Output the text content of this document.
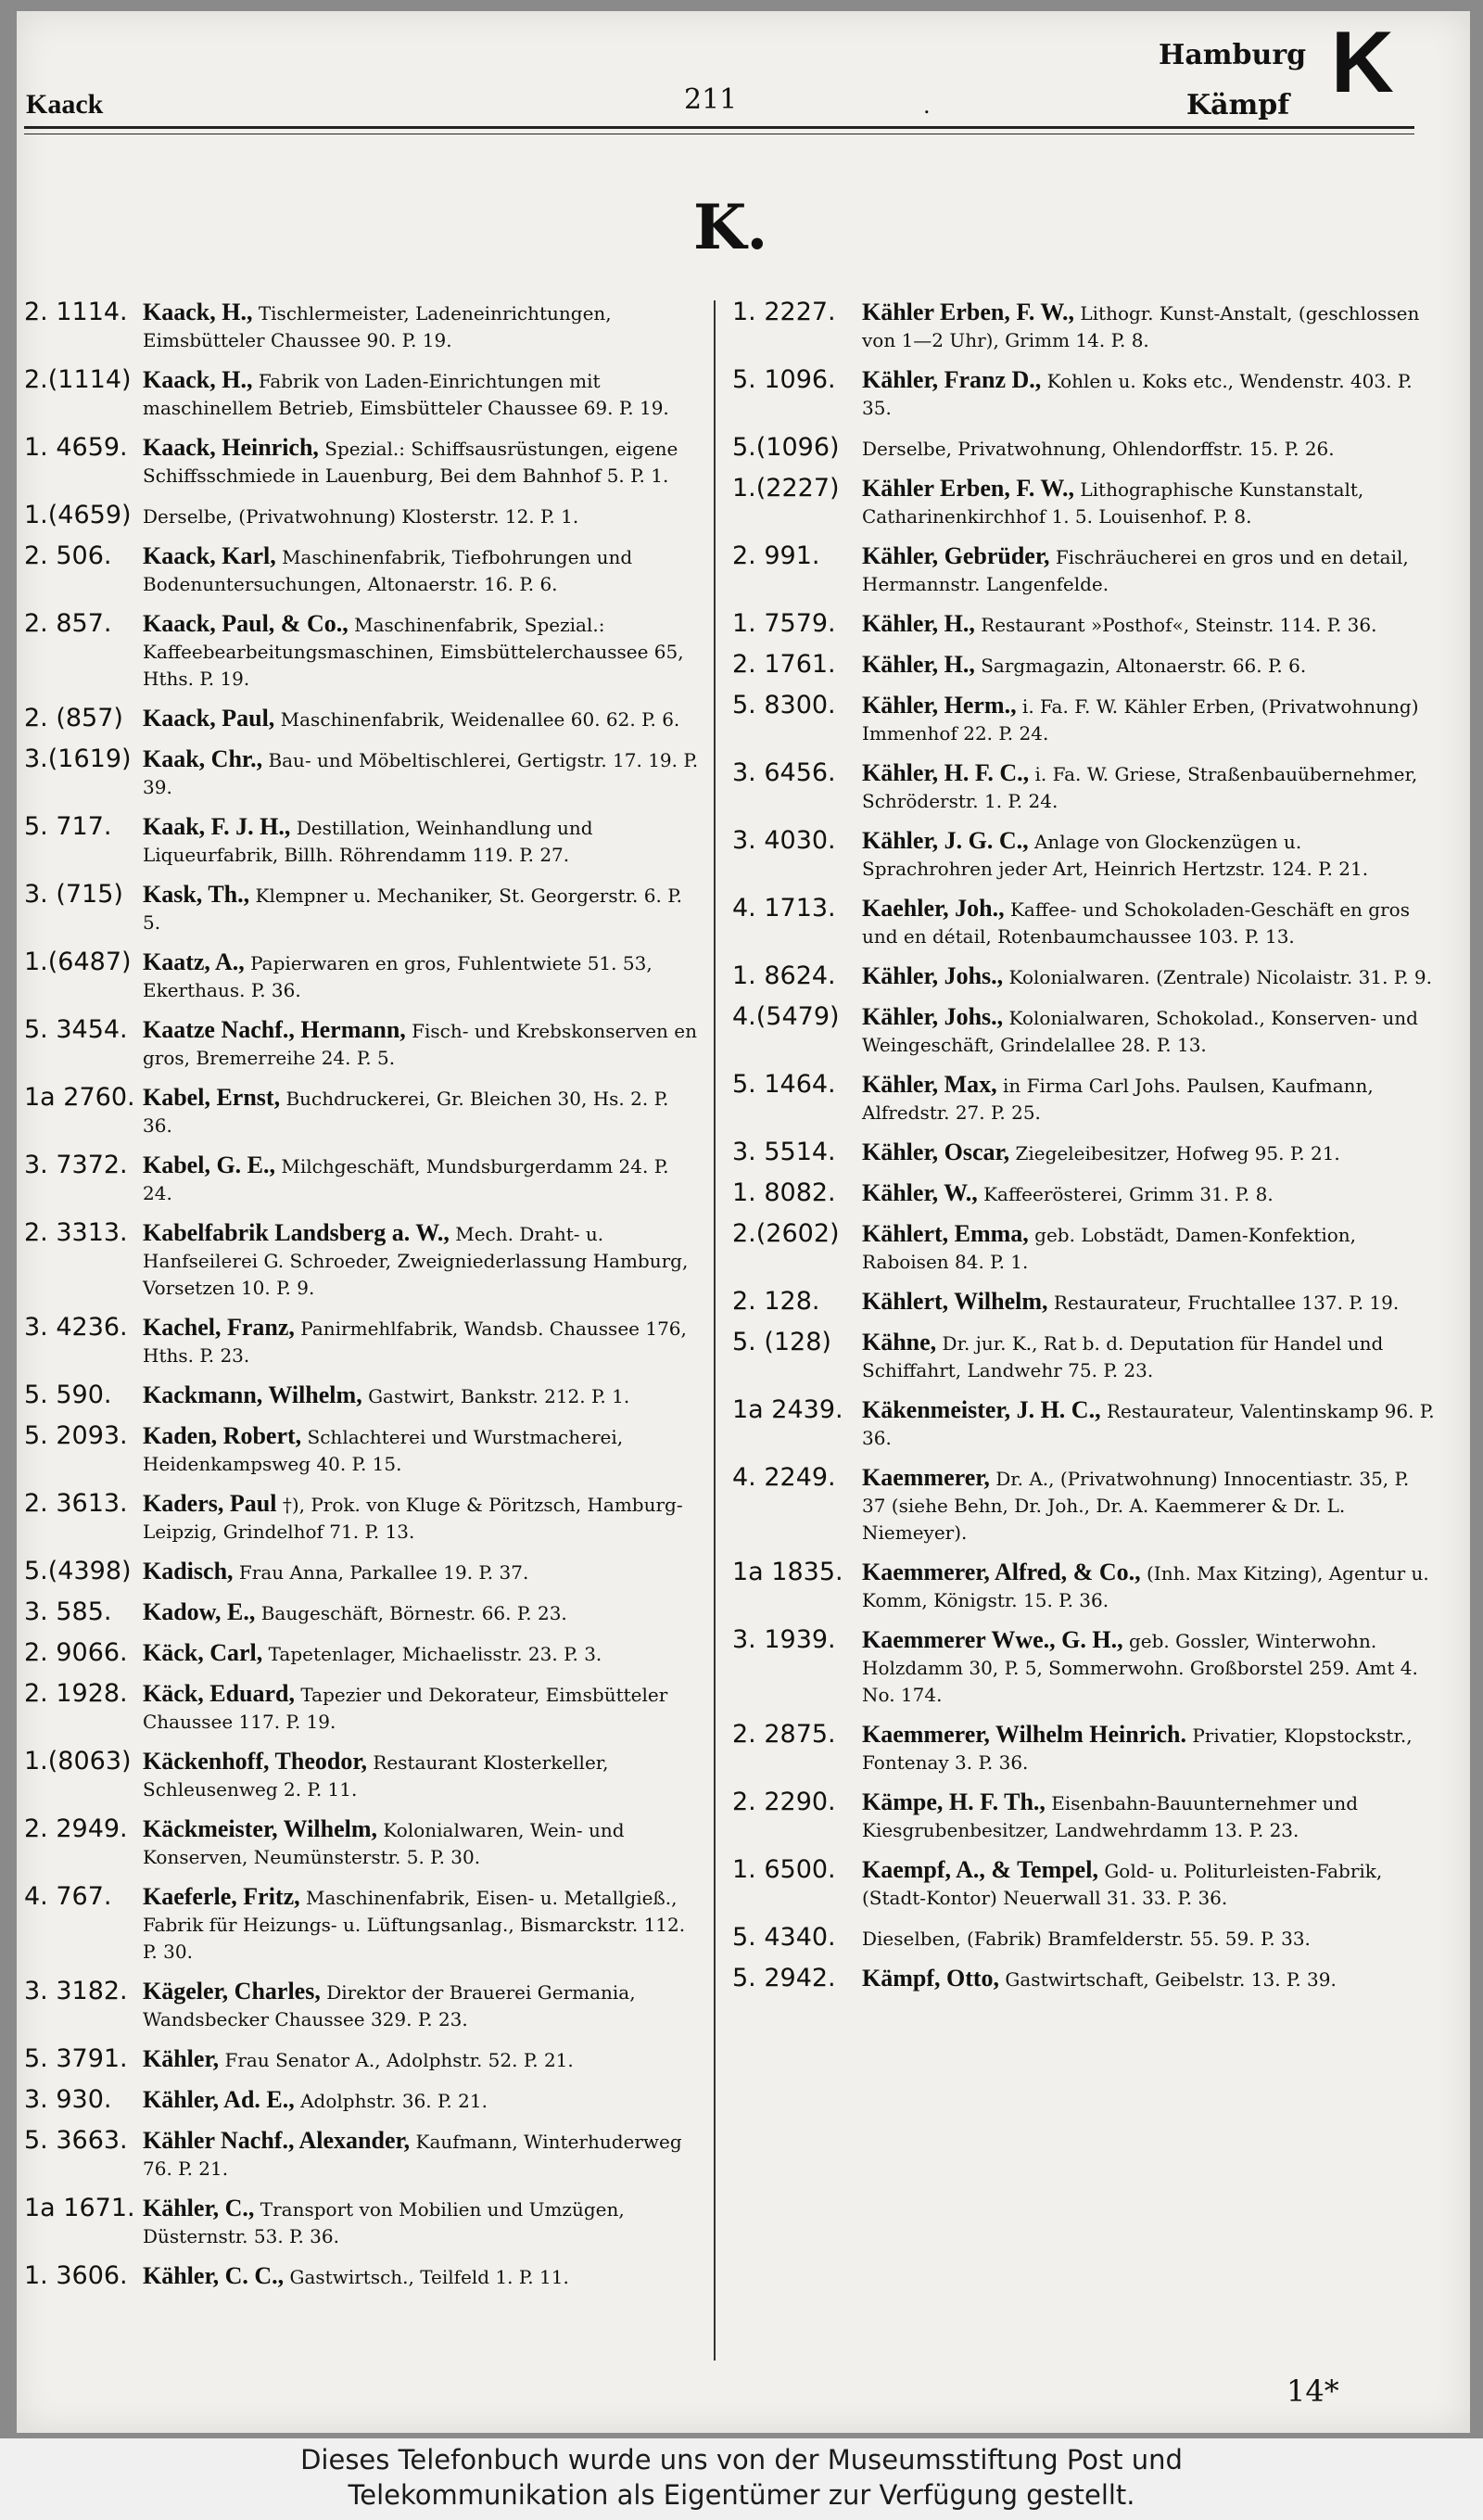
Kaack	211	.
Hamburg
Kämpf K
K.
2. 1114. Kaack, H., Tischlermeister, Ladeneinrichtungen, Eimsbütteler Chaussee 90. P. 19.
2.(1114) Kaack, H., Fabrik von Laden-Einrichtungen mit maschinellem Betrieb, Eimsbütteler Chaussee 69. P. 19.
1. 4659. Kaack, Heinrich, Spezial.: Schiffsausrüstungen, eigene Schiffsschmiede in Lauenburg, Bei dem Bahnhof 5. P. 1.
1.(4659) Derselbe, (Privatwohnung) Klosterstr. 12. P. 1.
2. 506.	Kaack, Karl, Maschinenfabrik, Tiefbohrungen und Bodenuntersuchungen, Altonaerstr. 16. P. 6.
2. 857.	Kaack, Paul, & Co., Maschinenfabrik, Spezial.: Kaffeebearbeitungsmaschinen, Eimsbüttelerchaussee 65, Hths. P. 19.
2. (857) Kaack, Paul, Maschinenfabrik, Weidenallee 60. 62. P. 6.
3.(1619) Kaak, Chr., Bau- und Möbeltischlerei, Gertigstr. 17. 19. P. 39.
5. 717.	Kaak, F. J. H., Destillation, Weinhandlung und Liqueurfabrik, Billh. Röhrendamm 119. P. 27.
3. (715) Kask, Th., Klempner u. Mechaniker, St. Georgerstr. 6. P. 5.
1.(6487) Kaatz, A., Papierwaren en gros, Fuhlentwiete 51. 53, Ekerthaus. P. 36.
5. 3454. Kaatze Nachf., Hermann, Fisch- und Krebskonserven en gros, Bremerreihe 24. P. 5.
1a 2760. Kabel, Ernst, Buchdruckerei, Gr. Bleichen 30, Hs. 2. P. 36.
3. 7372. Kabel, G. E., Milchgeschäft, Mundsburgerdamm 24. P. 24.
2. 3313. Kabelfabrik Landsberg a. W., Mech. Draht- u. Hanfseilerei G. Schroeder, Zweigniederlassung Hamburg, Vorsetzen 10. P. 9.
3. 4236. Kachel, Franz, Panirmehlfabrik, Wandsb. Chaussee 176, Hths. P. 23.
5. 590.	Kackmann, Wilhelm, Gastwirt, Bankstr. 212. P. 1.
5. 2093. Kaden, Robert, Schlachterei und Wurstmacherei, Heidenkampsweg 40. P. 15.
2. 3613. Kaders, Paul †), Prok. von Kluge & Pöritzsch, Hamburg-Leipzig, Grindelhof 71. P. 13.
5.(4398) Kadisch, Frau Anna, Parkallee 19. P. 37.
3. 585.	Kadow, E., Baugeschäft, Börnestr. 66. P. 23.
2. 9066. Käck, Carl, Tapetenlager, Michaelisstr. 23. P. 3.
2. 1928. Käck, Eduard, Tapezier und Dekorateur, Eimsbütteler Chaussee 117. P. 19.
1.(8063) Käckenhoff, Theodor, Restaurant Klosterkeller, Schleusenweg 2. P. 11.
2. 2949. Käckmeister, Wilhelm, Kolonialwaren, Wein- und Konserven, Neumünsterstr. 5. P. 30.
4. 767.	Kaeferle, Fritz, Maschinenfabrik, Eisen- u. Metallgieß., Fabrik für Heizungs- u. Lüftungsanlag., Bismarckstr. 112. P. 30.
3. 3182. Kägeler, Charles, Direktor der Brauerei Germania, Wandsbecker Chaussee 329. P. 23.
5. 3791. Kähler, Frau Senator A., Adolphstr. 52. P. 21.
3. 930.	Kähler, Ad. E., Adolphstr. 36. P. 21.
5. 3663. Kähler Nachf., Alexander, Kaufmann, Winterhuderweg 76. P. 21.
1a 1671. Kähler, C., Transport von Mobilien und Umzügen, Düsternstr. 53. P. 36.
1. 3606. Kähler, C. C., Gastwirtsch., Teilfeld 1. P. 11.
1. 2227.	Kähler Erben, F. W., Lithogr. Kunst-Anstalt, (geschlossen von 1—2 Uhr), Grimm 14. P. 8.
5. 1096.	Kähler, Franz D., Kohlen u. Koks etc., Wendenstr. 403. P. 35.
5.(1096)	Derselbe, Privatwohnung, Ohlendorffstr. 15. P. 26.
1.(2227) Kähler Erben, F. W., Lithographische Kunstanstalt, Catharinenkirchhof 1. 5. Louisenhof. P. 8.
2. 991.	Kähler, Gebrüder, Fischräucherei en gros und en detail, Hermannstr. Langenfelde.
1. 7579.	Kähler, H., Restaurant »Posthof«, Steinstr. 114. P. 36.
2. 1761.	Kähler, H., Sargmagazin, Altonaerstr. 66. P. 6.
5. 8300.	Kähler, Herm., i. Fa. F. W. Kähler Erben, (Privatwohnung) Immenhof 22. P. 24.
3. 6456.	Kähler, H. F. C., i. Fa. W. Griese, Straßenbauübernehmer, Schröderstr. 1. P. 24.
3. 4030.	Kähler, J. G. C., Anlage von Glockenzügen u. Sprachrohren jeder Art, Heinrich Hertzstr. 124. P. 21.
4. 1713.	Kaehler, Joh., Kaffee- und Schokoladen-Geschäft en gros und en détail, Rotenbaumchaussee 103. P. 13.
1. 8624.	Kähler, Johs., Kolonialwaren. (Zentrale) Nicolaistr. 31. P. 9.
4.(5479) Kähler, Johs., Kolonialwaren, Schokolad., Konserven- und Weingeschäft, Grindelallee 28. P. 13.
5. 1464.	Kähler, Max, in Firma Carl Johs. Paulsen, Kaufmann, Alfredstr. 27. P. 25.
3. 5514.	Kähler, Oscar, Ziegeleibesitzer, Hofweg 95. P. 21.
1. 8082.	Kähler, W., Kaffeerösterei, Grimm 31. P. 8.
2.(2602) Kählert, Emma, geb. Lobstädt, Damen-Konfektion, Raboisen 84. P. 1.
2. 128.	Kählert, Wilhelm, Restaurateur, Fruchtallee 137. P. 19.
5. (128)	Kähne, Dr. jur. K., Rat b. d. Deputation für Handel und Schiffahrt, Landwehr 75. P. 23.
1a 2439. Käkenmeister, J. H. C., Restaurateur, Valentinskamp 96. P. 36.
4. 2249.	Kaemmerer, Dr. A., (Privatwohnung) Innocentiastr. 35, P. 37 (siehe Behn, Dr. Joh., Dr. A. Kaemmerer & Dr. L. Niemeyer).
1a 1835. Kaemmerer, Alfred, & Co., (Inh. Max Kitzing), Agentur u. Komm, Königstr. 15. P. 36.
3. 1939.	Kaemmerer Wwe., G. H., geb. Gossler, Winterwohn. Holzdamm 30, P. 5, Sommerwohn. Großborstel 259. Amt 4. No. 174.
2. 2875.	Kaemmerer, Wilhelm Heinrich. Privatier, Klopstockstr., Fontenay 3. P. 36.
2. 2290.	Kämpe, H. F. Th., Eisenbahn-Bauunternehmer und Kiesgrubenbesitzer, Landwehrdamm 13. P. 23.
1. 6500.	Kaempf, A., & Tempel, Gold- u. Politurleisten-Fabrik, (Stadt-Kontor) Neuerwall 31. 33. P. 36.
5. 4340.	Dieselben, (Fabrik) Bramfelderstr. 55. 59. P. 33.
5. 2942.	Kämpf, Otto, Gastwirtschaft, Geibelstr. 13. P. 39.
14*
Dieses Telefonbuch wurde uns von der Museumsstiftung Post und
Telekommunikation als Eigentümer zur Verfügung gestellt.
